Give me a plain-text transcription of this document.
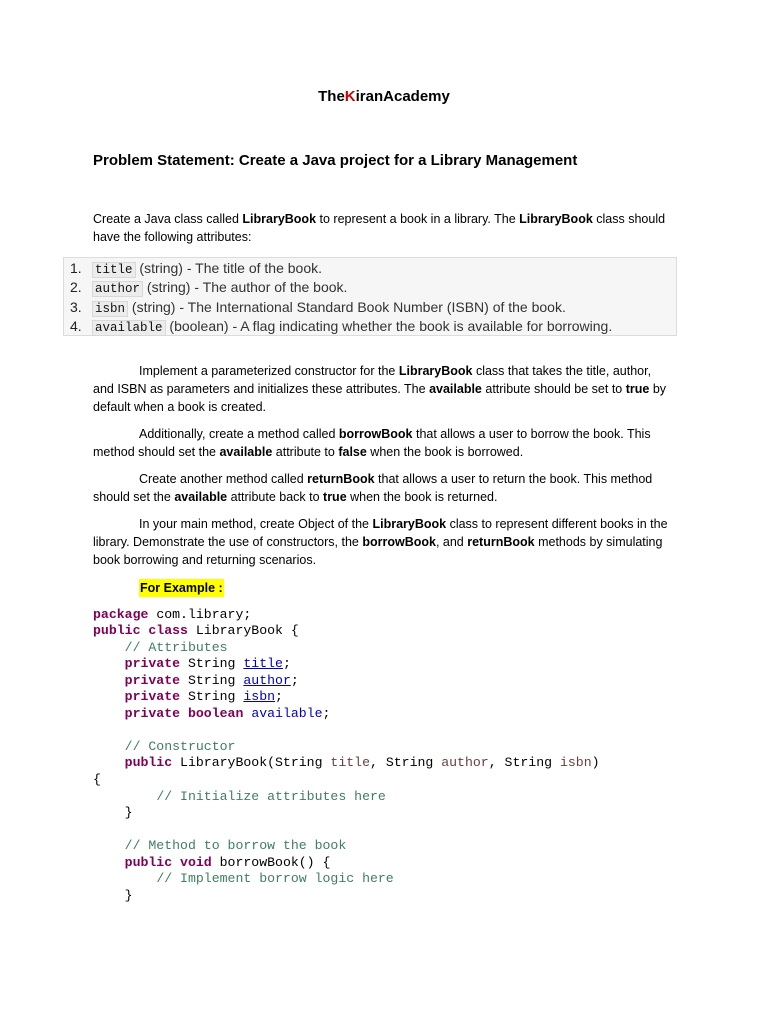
TheKiranAcademy
Problem Statement: Create a Java project for a Library Management
Create a Java class called LibraryBook to represent a book in a library. The LibraryBook class should have the following attributes:
1. title (string) - The title of the book.
2. author (string) - The author of the book.
3. isbn (string) - The International Standard Book Number (ISBN) of the book.
4. available (boolean) - A flag indicating whether the book is available for borrowing.
Implement a parameterized constructor for the LibraryBook class that takes the title, author, and ISBN as parameters and initializes these attributes. The available attribute should be set to true by default when a book is created.
Additionally, create a method called borrowBook that allows a user to borrow the book. This method should set the available attribute to false when the book is borrowed.
Create another method called returnBook that allows a user to return the book. This method should set the available attribute back to true when the book is returned.
In your main method, create Object of the LibraryBook class to represent different books in the library. Demonstrate the use of constructors, the borrowBook, and returnBook methods by simulating book borrowing and returning scenarios.
For Example :
package com.library;
public class LibraryBook {
// Attributes
private String title;
private String author;
private String isbn;
private boolean available;
// Constructor
public LibraryBook(String title, String author, String isbn)
{
// Initialize attributes here
}
// Method to borrow the book
public void borrowBook() {
// Implement borrow logic here
}
